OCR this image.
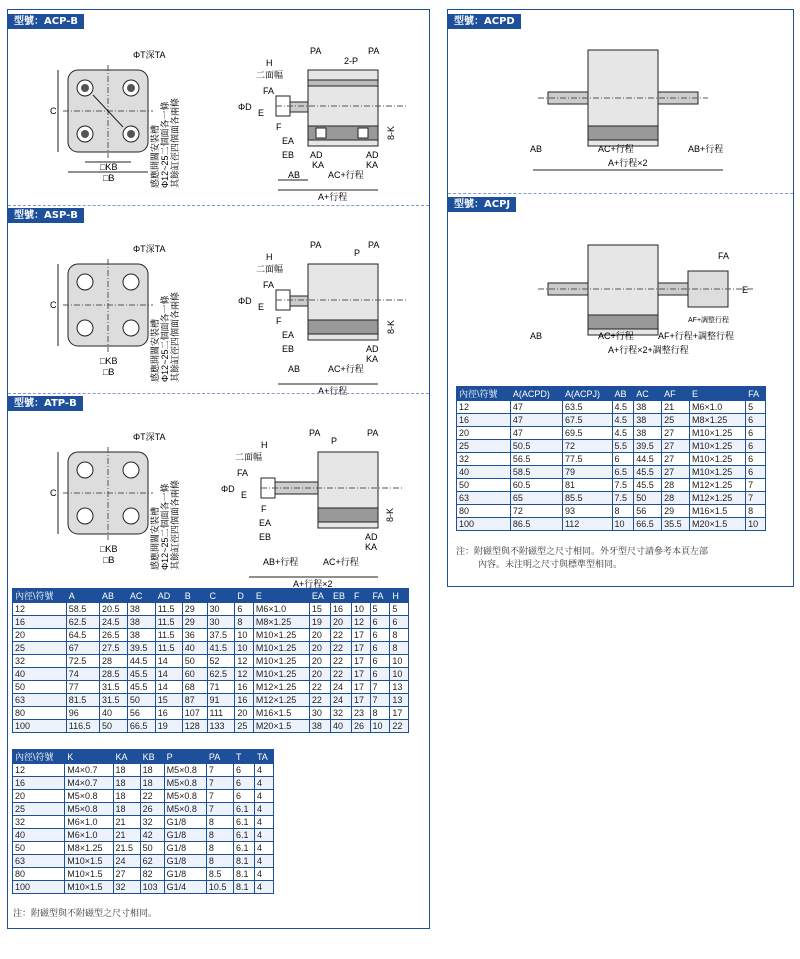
型號：ACP-B
C
ΦT深TA
□KB
□B	感應開關安裝槽 Φ12~25二個面各一條 其餘缸徑四個面各兩條
H
二面幅
FA
ΦD
E
F
EA
EB AD
KA
AD
KA
AB	AC+行程
A+行程
PA	PA
2-P
8-K
型號：ASP-B
C
ΦT深TA
□KB
□B	感應開關安裝槽 Φ12~25二個面各一條 其餘缸徑四個面各兩條
H
二面幅
FA
ΦD
E
F
EA
EB	AD
KA
AB	AC+行程
A+行程
PA
P
PA
8-K
型號：ATP-B
C
ΦT深TA
□KB
□B	感應開關安裝槽 Φ12~25二個面各一條 其餘缸徑四個面各兩條
H
二面幅
FA
ΦD
E
F
EA
EB	AD
KA
AB+行程	AC+行程
A+行程×2
PA
P
PA
8-K
內徑\符號	A	AB	AC	AD	B	C	D	E	EA	EB	F	FA	H
12	58.5	20.5	38	11.5	29	30	6	M6×1.0	15	16	10	5	5
16	62.5	24.5	38	11.5	29	30	8	M8×1.25	19	20	12	6	6
20	64.5	26.5	38	11.5	36	37.5	10	M10×1.25	20	22	17	6	8
25	67	27.5	39.5	11.5	40	41.5	10	M10×1.25	20	22	17	6	8
32	72.5	28	44.5	14	50	52	12	M10×1.25	20	22	17	6	10
40	74	28.5	45.5	14	60	62.5	12	M10×1.25	20	22	17	6	10
50	77	31.5	45.5	14	68	71	16	M12×1.25	22	24	17	7	13
63	81.5	31.5	50	15	87	91	16	M12×1.25	22	24	17	7	13
80	96	40	56	16	107	111	20	M16×1.5	30	32	23	8	17
100	116.5	50	66.5	19	128	133	25	M20×1.5	38	40	26	10	22
內徑\符號	K	KA	KB	P	PA	T	TA
12	M4×0.7	18	18	M5×0.8	7	6	4
16	M4×0.7	18	18	M5×0.8	7	6	4
20	M5×0.8	18	22	M5×0.8	7	6	4
25	M5×0.8	18	26	M5×0.8	7	6.1	4
32	M6×1.0	21	32	G1/8	8	6.1	4
40	M6×1.0	21	42	G1/8	8	6.1	4
50	M8×1.25	21.5	50	G1/8	8	6.1	4
63	M10×1.5	24	62	G1/8	8	8.1	4
80	M10×1.5	27	82	G1/8	8.5	8.1	4
100	M10×1.5	32	103	G1/4	10.5	8.1	4
注：附磁型與不附磁型之尺寸相同。
型號：ACPD
AB	AC+行程	AB+行程
A+行程×2
型號：ACPJ
FA
E
AF+調整行程
AB	AC+行程	AF+行程+調整行程
A+行程×2+調整行程
內徑\符號	A(ACPD)	A(ACPJ)	AB	AC	AF	E	FA
12	47	63.5	4.5	38	21	M6×1.0	5
16	47	67.5	4.5	38	25	M8×1.25	6
20	47	69.5	4.5	38	27	M10×1.25	6
25	50.5	72	5.5	39.5	27	M10×1.25	6
32	56.5	77.5	6	44.5	27	M10×1.25	6
40	58.5	79	6.5	45.5	27	M10×1.25	6
50	60.5	81	7.5	45.5	28	M12×1.25	7
63	65	85.5	7.5	50	28	M12×1.25	7
80	72	93	8	56	29	M16×1.5	8
100	86.5	112	10	66.5	35.5	M20×1.5	10
注：附磁型與不附磁型之尺寸相同。外牙型尺寸請參考本頁左部
內容。未注明之尺寸與標準型相同。
